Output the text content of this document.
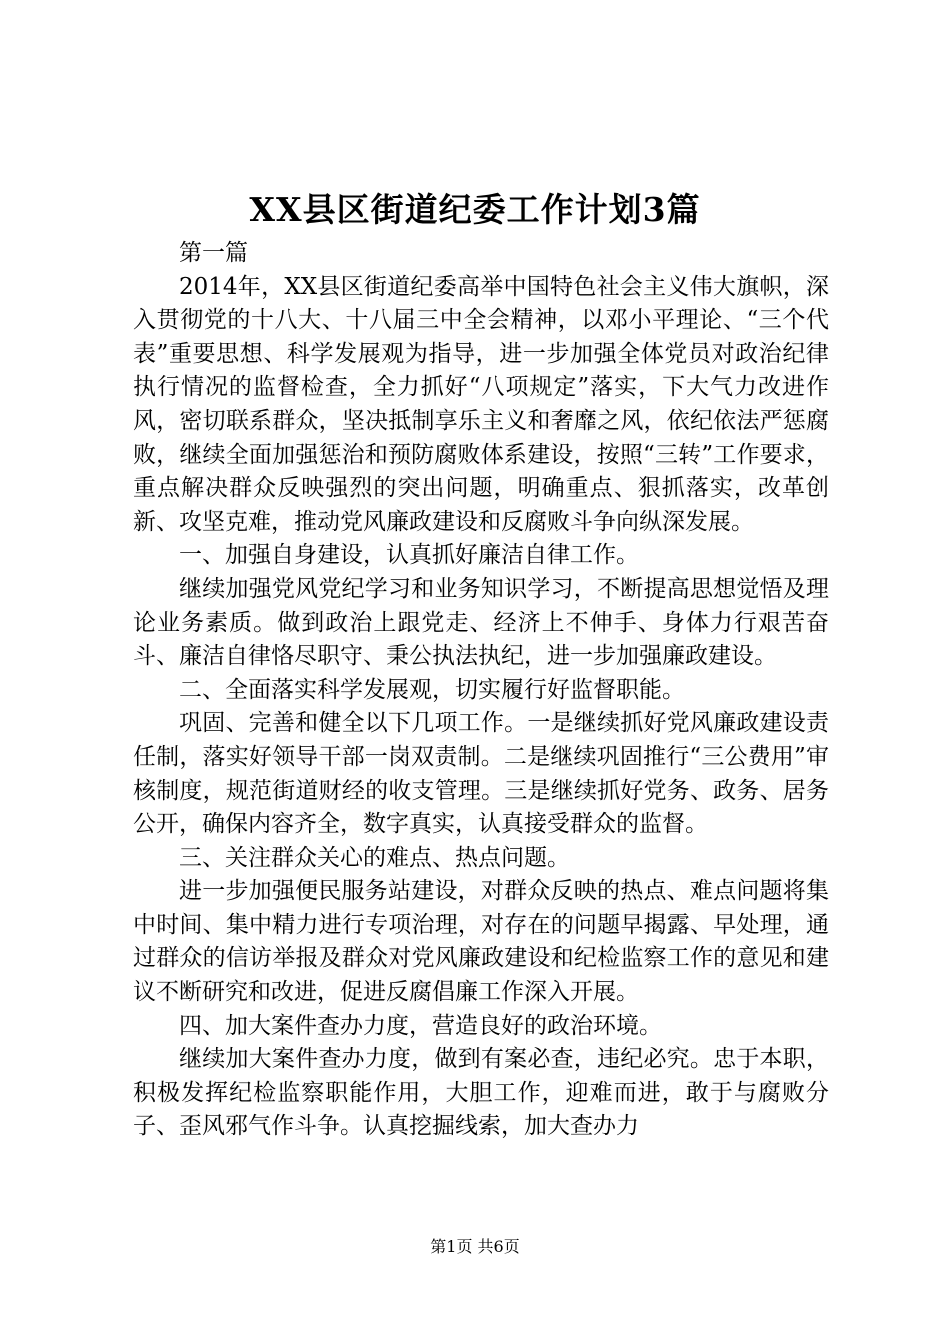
XX县区街道纪委工作计划3篇

第一篇

2014年，XX县区街道纪委高举中国特色社会主义伟大旗帜，深入贯彻党的十八大、十八届三中全会精神，以邓小平理论、“三个代表”重要思想、科学发展观为指导，进一步加强全体党员对政治纪律执行情况的监督检查，全力抓好“八项规定”落实，下大气力改进作风，密切联系群众，坚决抵制享乐主义和奢靡之风，依纪依法严惩腐败，继续全面加强惩治和预防腐败体系建设，按照“三转”工作要求，重点解决群众反映强烈的突出问题，明确重点、狠抓落实，改革创新、攻坚克难，推动党风廉政建设和反腐败斗争向纵深发展。

一、加强自身建设，认真抓好廉洁自律工作。

继续加强党风党纪学习和业务知识学习，不断提高思想觉悟及理论业务素质。做到政治上跟党走、经济上不伸手、身体力行艰苦奋斗、廉洁自律恪尽职守、秉公执法执纪，进一步加强廉政建设。

二、全面落实科学发展观，切实履行好监督职能。

巩固、完善和健全以下几项工作。一是继续抓好党风廉政建设责任制，落实好领导干部一岗双责制。二是继续巩固推行“三公费用”审核制度，规范街道财经的收支管理。三是继续抓好党务、政务、居务公开，确保内容齐全，数字真实，认真接受群众的监督。

三、关注群众关心的难点、热点问题。

进一步加强便民服务站建设，对群众反映的热点、难点问题将集中时间、集中精力进行专项治理，对存在的问题早揭露、早处理，通过群众的信访举报及群众对党风廉政建设和纪检监察工作的意见和建议不断研究和改进，促进反腐倡廉工作深入开展。

四、加大案件查办力度，营造良好的政治环境。

继续加大案件查办力度，做到有案必查，违纪必究。忠于本职，积极发挥纪检监察职能作用，大胆工作，迎难而进，敢于与腐败分子、歪风邪气作斗争。认真挖掘线索，加大查办力

第1页 共6页
